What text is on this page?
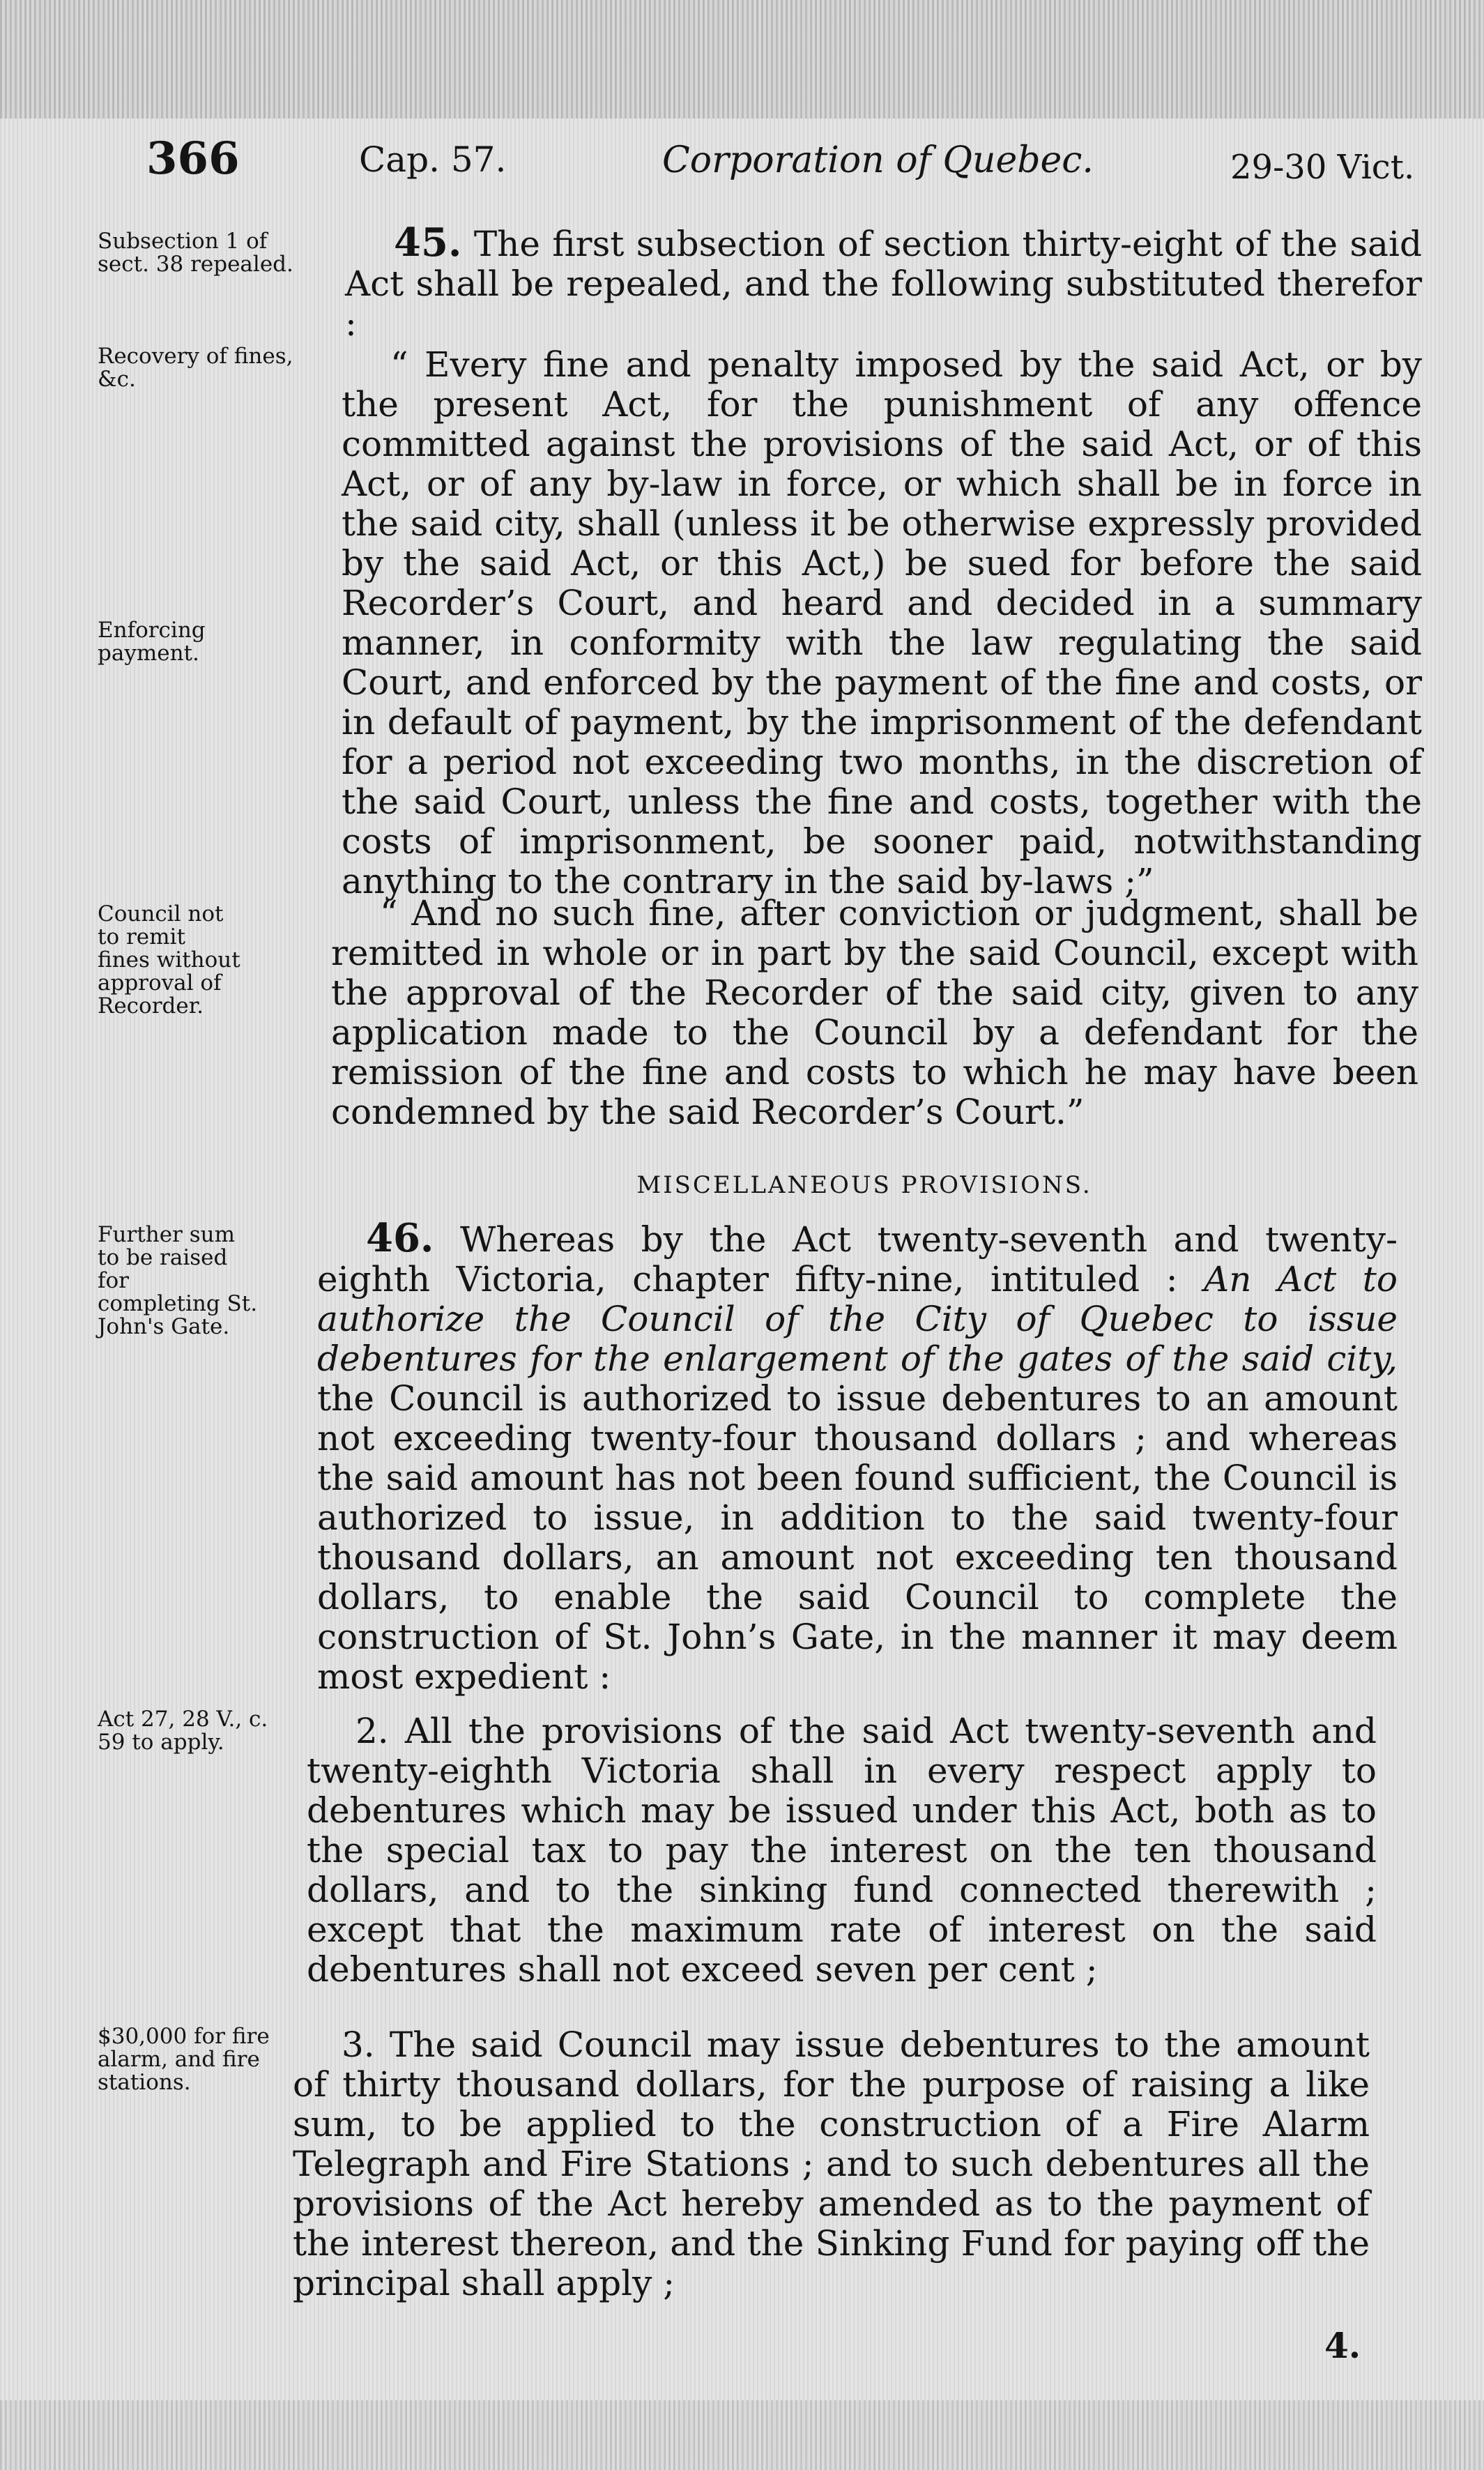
366	Cap. 57.	Corporation of Quebec.	29-30 Vict.

Subsection 1 of sect. 38 repealed.

Recovery of fines, &c.

Enforcing payment.

Council not to remit fines without approval of Recorder.

Further sum to be raised for completing St. John's Gate.

Act 27, 28 V., c. 59 to apply.

$30,000 for fire alarm, and fire stations.

45. The first subsection of section thirty-eight of the said Act shall be repealed, and the following substituted therefor :

“ Every fine and penalty imposed by the said Act, or by the present Act, for the punishment of any offence committed against the provisions of the said Act, or of this Act, or of any by-law in force, or which shall be in force in the said city, shall (unless it be otherwise expressly provided by the said Act, or this Act,) be sued for before the said Recorder’s Court, and heard and decided in a summary manner, in conformity with the law regulating the said Court, and enforced by the payment of the fine and costs, or in default of payment, by the imprisonment of the defendant for a period not exceeding two months, in the discretion of the said Court, unless the fine and costs, together with the costs of imprisonment, be sooner paid, notwithstanding anything to the contrary in the said by-laws ;”

“ And no such fine, after conviction or judgment, shall be remitted in whole or in part by the said Council, except with the approval of the Recorder of the said city, given to any application made to the Council by a defendant for the remission of the fine and costs to which he may have been condemned by the said Recorder’s Court.”

MISCELLANEOUS PROVISIONS.

46. Whereas by the Act twenty-seventh and twenty-eighth Victoria, chapter fifty-nine, intituled : An Act to authorize the Council of the City of Quebec to issue debentures for the enlargement of the gates of the said city, the Council is authorized to issue debentures to an amount not exceeding twenty-four thousand dollars ; and whereas the said amount has not been found sufficient, the Council is authorized to issue, in addition to the said twenty-four thousand dollars, an amount not exceeding ten thousand dollars, to enable the said Council to complete the construction of St. John’s Gate, in the manner it may deem most expedient :

2. All the provisions of the said Act twenty-seventh and twenty-eighth Victoria shall in every respect apply to debentures which may be issued under this Act, both as to the special tax to pay the interest on the ten thousand dollars, and to the sinking fund connected therewith ; except that the maximum rate of interest on the said debentures shall not exceed seven per cent ;

3. The said Council may issue debentures to the amount of thirty thousand dollars, for the purpose of raising a like sum, to be applied to the construction of a Fire Alarm Telegraph and Fire Stations ; and to such debentures all the provisions of the Act hereby amended as to the payment of the interest thereon, and the Sinking Fund for paying off the principal shall apply ;

4.
